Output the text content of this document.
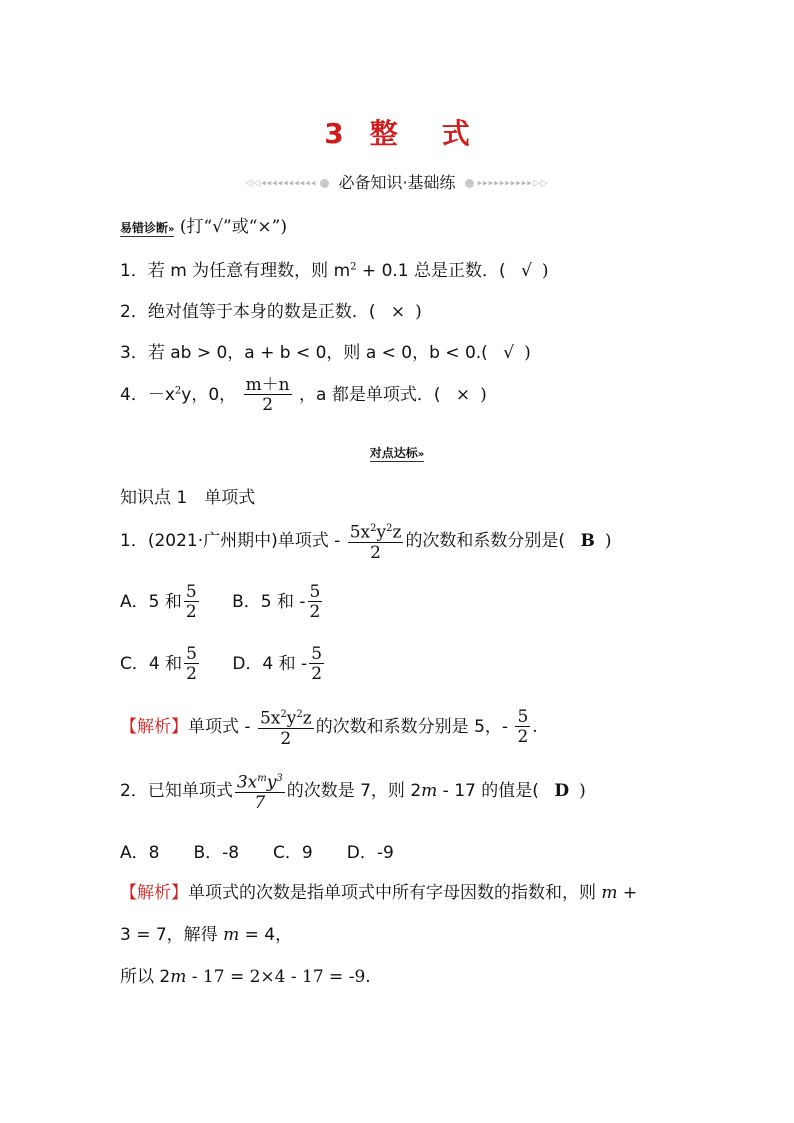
3 整 式
◁◁◂◂◂◂◂◂◂◂◂◂ 必备知识·基础练 ▸▸▸▸▸▸▸▸▸▸▷▷
易错诊断» (打“√”或“×”)
1．若 m 为任意有理数，则 $m^2 + 0.1$ 总是正数．( √ )
2．绝对值等于本身的数是正数．( × )
3．若 ab > 0，a + b < 0，则 a < 0，b < 0.( √ )
4．$-x^2y$，0， $\frac{m+n}{2}$ ，a 都是单项式．( × )
对点达标»
知识点 1　单项式
1．(2021·广州期中)单项式 - $\frac{5x^2y^2z}{2}$ 的次数和系数分别是( B )
A．5 和 $\frac{5}{2}$ B．5 和 - $\frac{5}{2}$
C．4 和 $\frac{5}{2}$ D．4 和 - $\frac{5}{2}$
【解析】单项式 - $\frac{5x^2y^2z}{2}$ 的次数和系数分别是 5，- $\frac{5}{2}$ .
2．已知单项式 $\frac{3x^my^3}{7}$ 的次数是 7，则 2m - 17 的值是( D )
A．8　　B．-8　　C．9　　D．-9
【解析】单项式的次数是指单项式中所有字母因数的指数和，则 m +
3 = 7，解得 m = 4，
所以 2m - 17 = 2×4 - 17 = -9.
